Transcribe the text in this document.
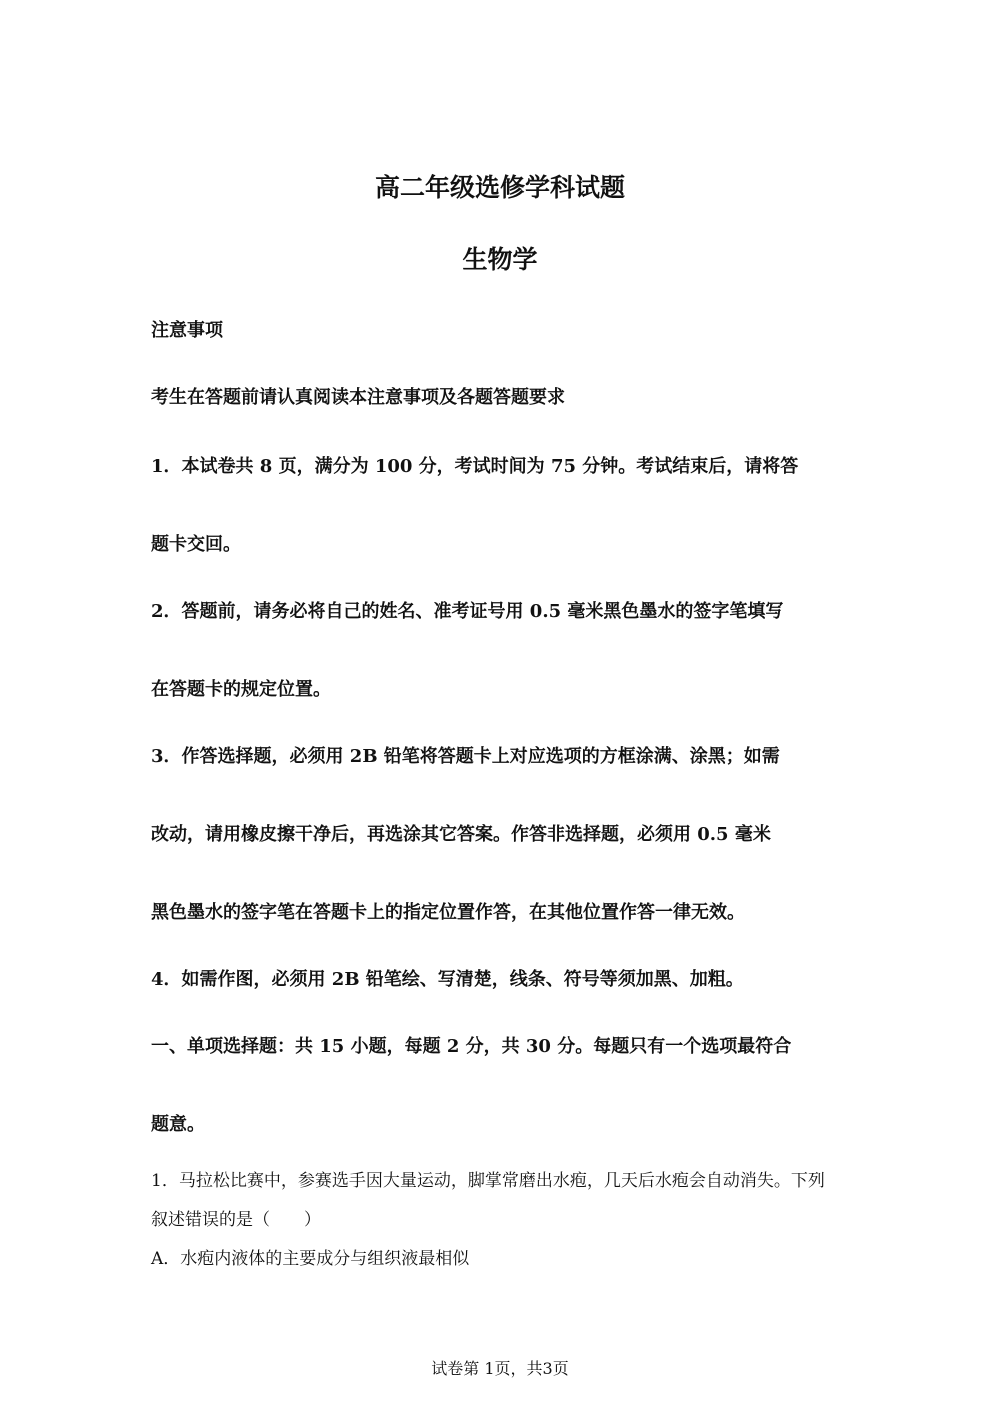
高二年级选修学科试题
生物学
注意事项
考生在答题前请认真阅读本注意事项及各题答题要求
1．本试卷共 8 页，满分为 100 分，考试时间为 75 分钟。考试结束后，请将答
题卡交回。
2．答题前，请务必将自己的姓名、准考证号用 0.5 毫米黑色墨水的签字笔填写
在答题卡的规定位置。
3．作答选择题，必须用 2B 铅笔将答题卡上对应选项的方框涂满、涂黑；如需
改动，请用橡皮擦干净后，再选涂其它答案。作答非选择题，必须用 0.5 毫米
黑色墨水的签字笔在答题卡上的指定位置作答，在其他位置作答一律无效。
4．如需作图，必须用 2B 铅笔绘、写清楚，线条、符号等须加黑、加粗。
一、单项选择题：共 15 小题，每题 2 分，共 30 分。每题只有一个选项最符合
题意。
1．马拉松比赛中，参赛选手因大量运动，脚掌常磨出水疱，几天后水疱会自动消失。下列
叙述错误的是（　　）
A．水疱内液体的主要成分与组织液最相似
试卷第 1页，共3页
